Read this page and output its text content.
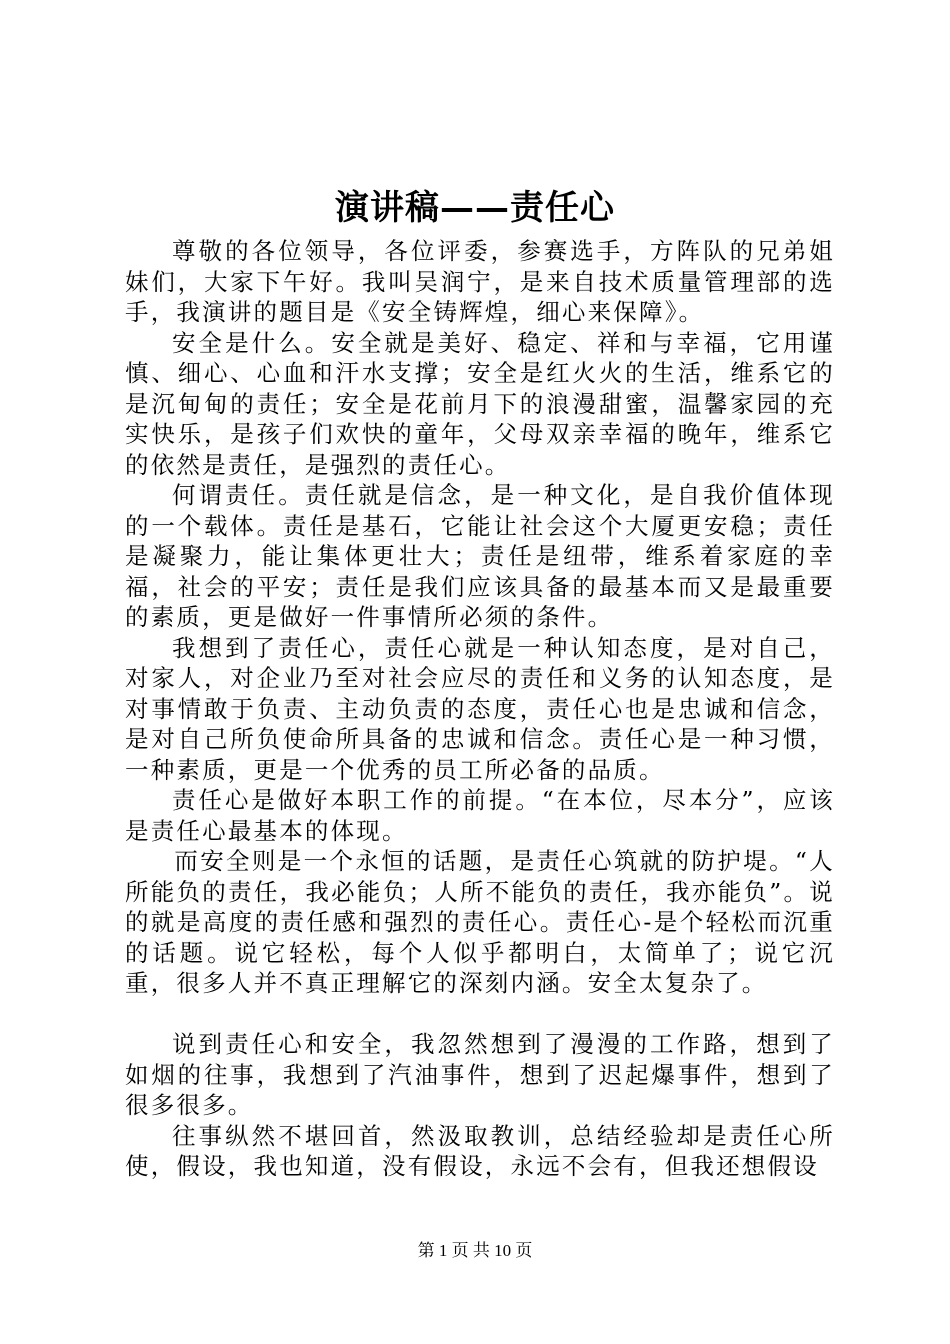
演讲稿——责任心

尊敬的各位领导，各位评委，参赛选手，方阵队的兄弟姐妹们，大家下午好。我叫吴润宁，是来自技术质量管理部的选手，我演讲的题目是《安全铸辉煌，细心来保障》。

安全是什么。安全就是美好、稳定、祥和与幸福，它用谨慎、细心、心血和汗水支撑；安全是红火火的生活，维系它的是沉甸甸的责任；安全是花前月下的浪漫甜蜜，温馨家园的充实快乐，是孩子们欢快的童年，父母双亲幸福的晚年，维系它的依然是责任，是强烈的责任心。

何谓责任。责任就是信念，是一种文化，是自我价值体现的一个载体。责任是基石，它能让社会这个大厦更安稳；责任是凝聚力，能让集体更壮大；责任是纽带，维系着家庭的幸福，社会的平安；责任是我们应该具备的最基本而又是最重要的素质，更是做好一件事情所必须的条件。

我想到了责任心，责任心就是一种认知态度，是对自己，对家人，对企业乃至对社会应尽的责任和义务的认知态度，是对事情敢于负责、主动负责的态度，责任心也是忠诚和信念，是对自己所负使命所具备的忠诚和信念。责任心是一种习惯，一种素质，更是一个优秀的员工所必备的品质。

责任心是做好本职工作的前提。“在本位，尽本分”，应该是责任心最基本的体现。

而安全则是一个永恒的话题，是责任心筑就的防护堤。“人所能负的责任，我必能负；人所不能负的责任，我亦能负”。说的就是高度的责任感和强烈的责任心。责任心-是个轻松而沉重的话题。说它轻松，每个人似乎都明白，太简单了；说它沉重，很多人并不真正理解它的深刻内涵。安全太复杂了。

说到责任心和安全，我忽然想到了漫漫的工作路，想到了如烟的往事，我想到了汽油事件，想到了迟起爆事件，想到了很多很多。

往事纵然不堪回首，然汲取教训，总结经验却是责任心所使，假设，我也知道，没有假设，永远不会有，但我还想假设

第 1 页 共 10 页
